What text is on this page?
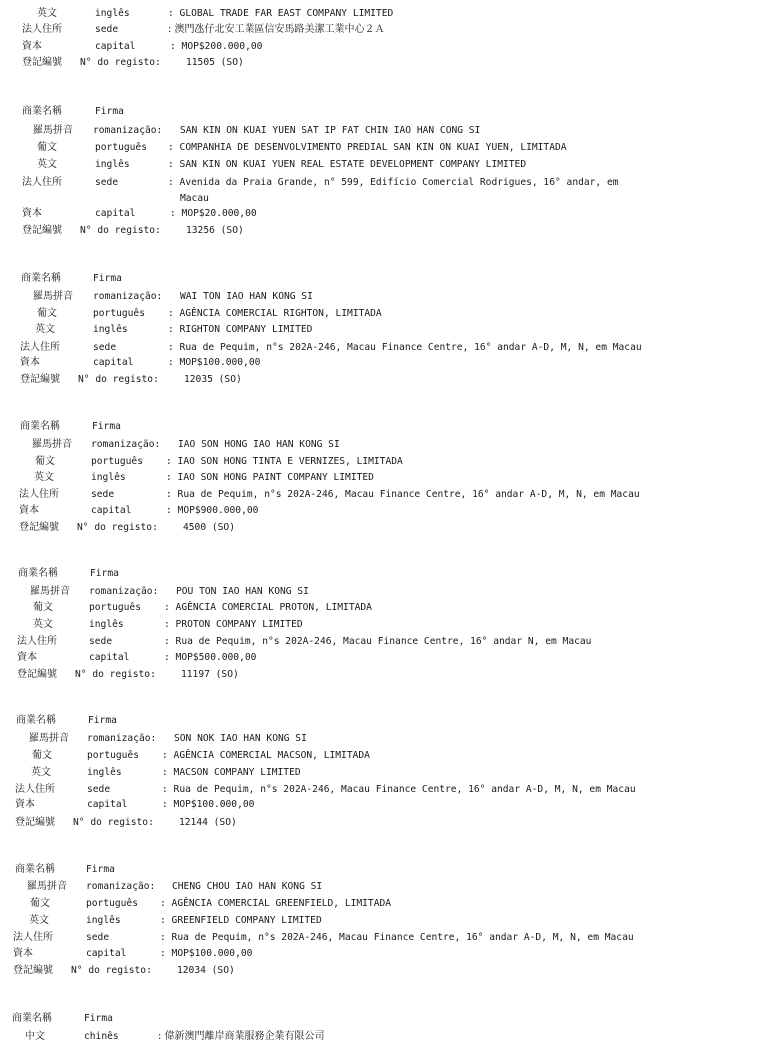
英文	inglês	: GLOBAL TRADE FAR EAST COMPANY LIMITED
法人住所	sede	: 澳門氹仔北安工業區信安馬路美潔工業中心２Ａ
資本	capital	: MOP$200.000,00
登記編號 N° do registo:	11505 (SO)
商業名稱	Firma
羅馬拼音 romanização: SAN KIN ON KUAI YUEN SAT IP FAT CHIN IAO HAN CONG SI
葡文	português : COMPANHIA DE DESENVOLVIMENTO PREDIAL SAN KIN ON KUAI YUEN, LIMITADA
英文	inglês	: SAN KIN ON KUAI YUEN REAL ESTATE DEVELOPMENT COMPANY LIMITED
法人住所	sede	: Avenida da Praia Grande, n° 599, Edifício Comercial Rodrigues, 16° andar, em
Macau
資本	capital	: MOP$20.000,00
登記編號 N° do registo:	13256 (SO)
商業名稱	Firma
羅馬拼音 romanização: WAI TON IAO HAN KONG SI
葡文	português : AGÊNCIA COMERCIAL RIGHTON, LIMITADA
英文	inglês	: RIGHTON COMPANY LIMITED
法人住所	sede	: Rua de Pequim, n°s 202A-246, Macau Finance Centre, 16° andar A-D, M, N, em Macau
資本	capital	: MOP$100.000,00
登記編號 N° do registo:	12035 (SO)
商業名稱	Firma
羅馬拼音 romanização: IAO SON HONG IAO HAN KONG SI
葡文	português : IAO SON HONG TINTA E VERNIZES, LIMITADA
英文	inglês	: IAO SON HONG PAINT COMPANY LIMITED
法人住所	sede	: Rua de Pequim, n°s 202A-246, Macau Finance Centre, 16° andar A-D, M, N, em Macau
資本	capital	: MOP$900.000,00
登記編號 N° do registo:	4500 (SO)
商業名稱	Firma
羅馬拼音 romanização: POU TON IAO HAN KONG SI
葡文	português : AGÊNCIA COMERCIAL PROTON, LIMITADA
英文	inglês	: PROTON COMPANY LIMITED
法人住所	sede	: Rua de Pequim, n°s 202A-246, Macau Finance Centre, 16° andar N, em Macau
資本	capital	: MOP$500.000,00
登記編號 N° do registo:	11197 (SO)
商業名稱	Firma
羅馬拼音 romanização: SON NOK IAO HAN KONG SI
葡文	português : AGÊNCIA COMERCIAL MACSON, LIMITADA
英文	inglês	: MACSON COMPANY LIMITED
法人住所	sede	: Rua de Pequim, n°s 202A-246, Macau Finance Centre, 16° andar A-D, M, N, em Macau
資本	capital	: MOP$100.000,00
登記編號 N° do registo:	12144 (SO)
商業名稱	Firma
羅馬拼音 romanização: CHENG CHOU IAO HAN KONG SI
葡文	português : AGÊNCIA COMERCIAL GREENFIELD, LIMITADA
英文	inglês	: GREENFIELD COMPANY LIMITED
法人住所	sede	: Rua de Pequim, n°s 202A-246, Macau Finance Centre, 16° andar A-D, M, N, em Macau
資本	capital	: MOP$100.000,00
登記編號 N° do registo:	12034 (SO)
商業名稱	Firma
中文	chinês	: 偉新澳門離岸商業服務企業有限公司
